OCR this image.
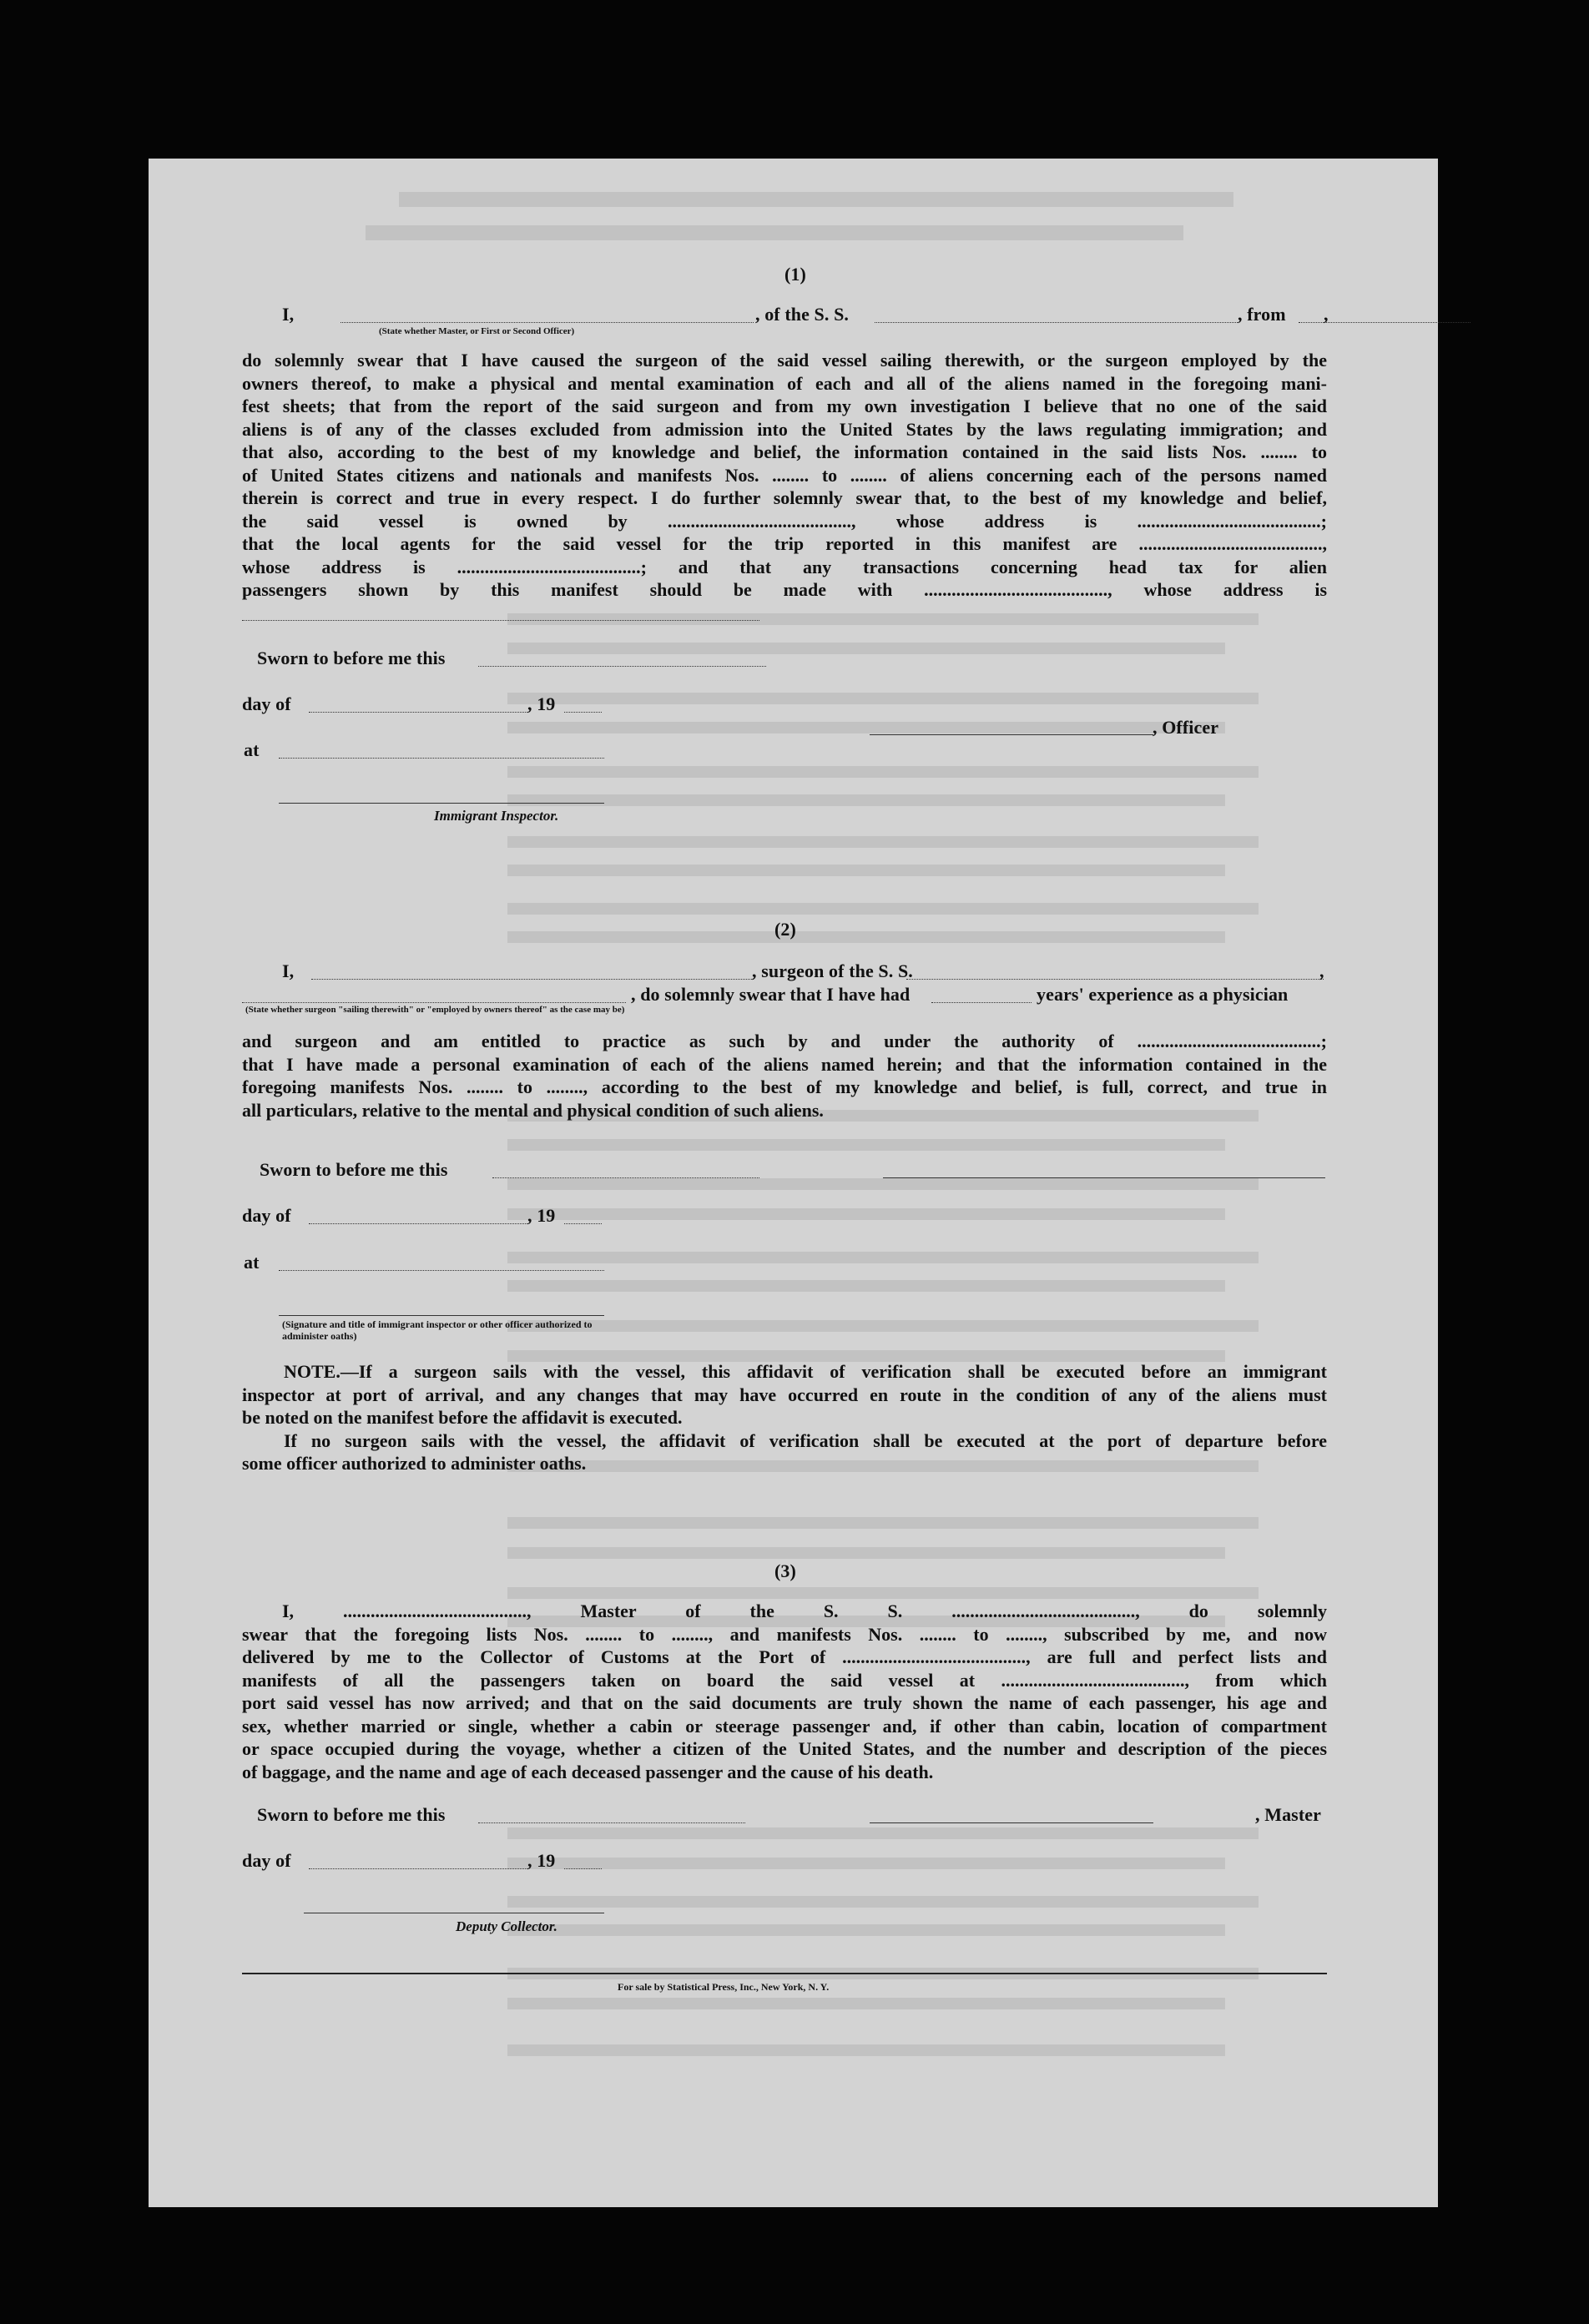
(1)
I,
(State whether Master, or First or Second Officer)
, of the S. S.	, from ,
do solemnly swear that I have caused the surgeon of the said vessel sailing therewith, or the surgeon employed by the
owners thereof, to make a physical and mental examination of each and all of the aliens named in the foregoing mani-
fest sheets; that from the report of the said surgeon and from my own investigation I believe that no one of the said
aliens is of any of the classes excluded from admission into the United States by the laws regulating immigration; and
that also, according to the best of my knowledge and belief, the information contained in the said lists Nos. ........ to
of United States citizens and nationals and manifests Nos. ........ to ........ of aliens concerning each of the persons named
therein is correct and true in every respect. I do further solemnly swear that, to the best of my knowledge and belief,
the said vessel is owned by ........................................, whose address is ........................................;
that the local agents for the said vessel for the trip reported in this manifest are ........................................,
whose address is ........................................; and that any transactions concerning head tax for alien
passengers shown by this manifest should be made with ........................................, whose address is
Sworn to before me this
day of	, 19
at
, Officer
Immigrant Inspector.
(2)
I,	, surgeon of the S. S.	,
, do solemnly swear that I have had	years' experience as a physician
(State whether surgeon "sailing therewith" or "employed by owners thereof" as the case may be)
and surgeon and am entitled to practice as such by and under the authority of ........................................;
that I have made a personal examination of each of the aliens named herein; and that the information contained in the
foregoing manifests Nos. ........ to ........, according to the best of my knowledge and belief, is full, correct, and true in
all particulars, relative to the mental and physical condition of such aliens.
Sworn to before me this
day of	, 19
at
(Signature and title of immigrant inspector or other officer authorized to administer oaths)
NOTE.—If a surgeon sails with the vessel, this affidavit of verification shall be executed before an immigrant
inspector at port of arrival, and any changes that may have occurred en route in the condition of any of the aliens must
be noted on the manifest before the affidavit is executed.
If no surgeon sails with the vessel, the affidavit of verification shall be executed at the port of departure before
some officer authorized to administer oaths.
(3)
I, ........................................, Master of the S. S. ........................................, do solemnly
swear that the foregoing lists Nos. ........ to ........, and manifests Nos. ........ to ........, subscribed by me, and now
delivered by me to the Collector of Customs at the Port of ........................................, are full and perfect lists and
manifests of all the passengers taken on board the said vessel at ........................................, from which
port said vessel has now arrived; and that on the said documents are truly shown the name of each passenger, his age and
sex, whether married or single, whether a cabin or steerage passenger and, if other than cabin, location of compartment
or space occupied during the voyage, whether a citizen of the United States, and the number and description of the pieces
of baggage, and the name and age of each deceased passenger and the cause of his death.
Sworn to before me this	, Master
day of	, 19
Deputy Collector.
For sale by Statistical Press, Inc., New York, N. Y.
